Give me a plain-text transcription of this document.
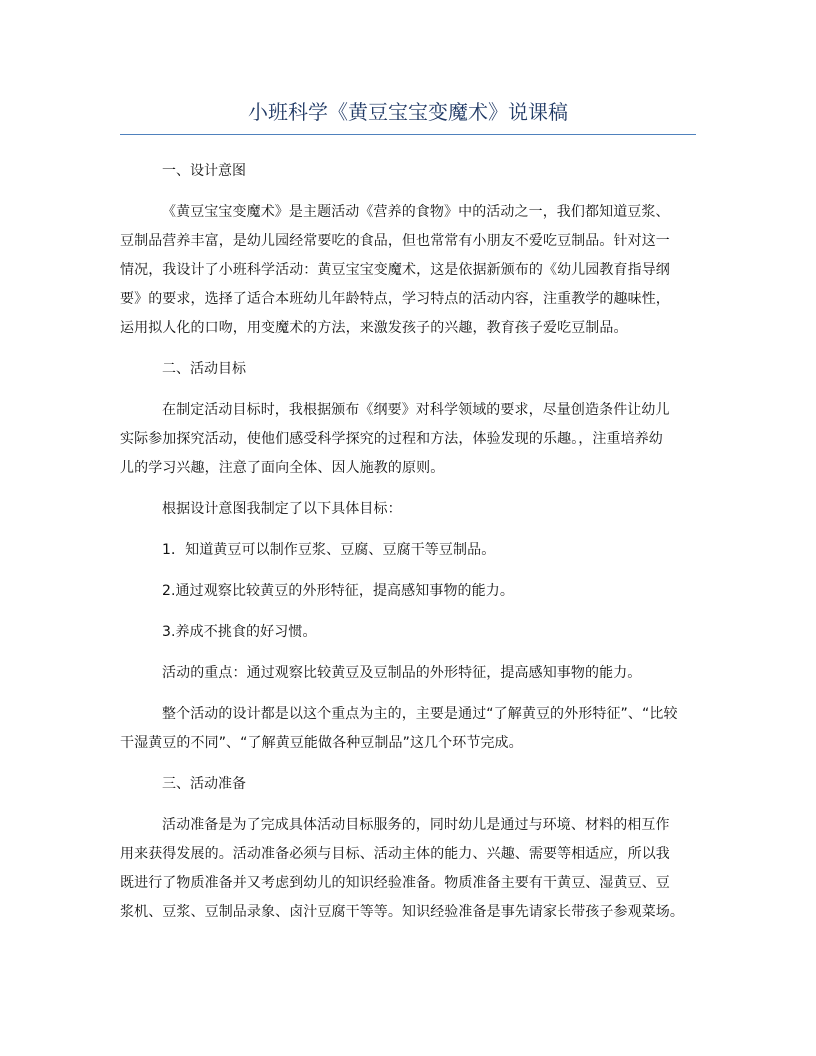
小班科学《黄豆宝宝变魔术》说课稿
一、设计意图
《黄豆宝宝变魔术》是主题活动《营养的食物》中的活动之一，我们都知道豆浆、
豆制品营养丰富，是幼儿园经常要吃的食品，但也常常有小朋友不爱吃豆制品。针对这一
情况，我设计了小班科学活动：黄豆宝宝变魔术，这是依据新颁布的《幼儿园教育指导纲
要》的要求，选择了适合本班幼儿年龄特点，学习特点的活动内容，注重教学的趣味性，
运用拟人化的口吻，用变魔术的方法，来激发孩子的兴趣，教育孩子爱吃豆制品。
二、活动目标
在制定活动目标时，我根据颁布《纲要》对科学领域的要求，尽量创造条件让幼儿
实际参加探究活动，使他们感受科学探究的过程和方法，体验发现的乐趣。，注重培养幼
儿的学习兴趣，注意了面向全体、因人施教的原则。
根据设计意图我制定了以下具体目标：
1．知道黄豆可以制作豆浆、豆腐、豆腐干等豆制品。
2.通过观察比较黄豆的外形特征，提高感知事物的能力。
3.养成不挑食的好习惯。
活动的重点：通过观察比较黄豆及豆制品的外形特征，提高感知事物的能力。
整个活动的设计都是以这个重点为主的，主要是通过“了解黄豆的外形特征”、“比较
干湿黄豆的不同”、“了解黄豆能做各种豆制品”这几个环节完成。
三、活动准备
活动准备是为了完成具体活动目标服务的，同时幼儿是通过与环境、材料的相互作
用来获得发展的。活动准备必须与目标、活动主体的能力、兴趣、需要等相适应，所以我
既进行了物质准备并又考虑到幼儿的知识经验准备。物质准备主要有干黄豆、湿黄豆、豆
浆机、豆浆、豆制品录象、卤汁豆腐干等等。知识经验准备是事先请家长带孩子参观菜场。
